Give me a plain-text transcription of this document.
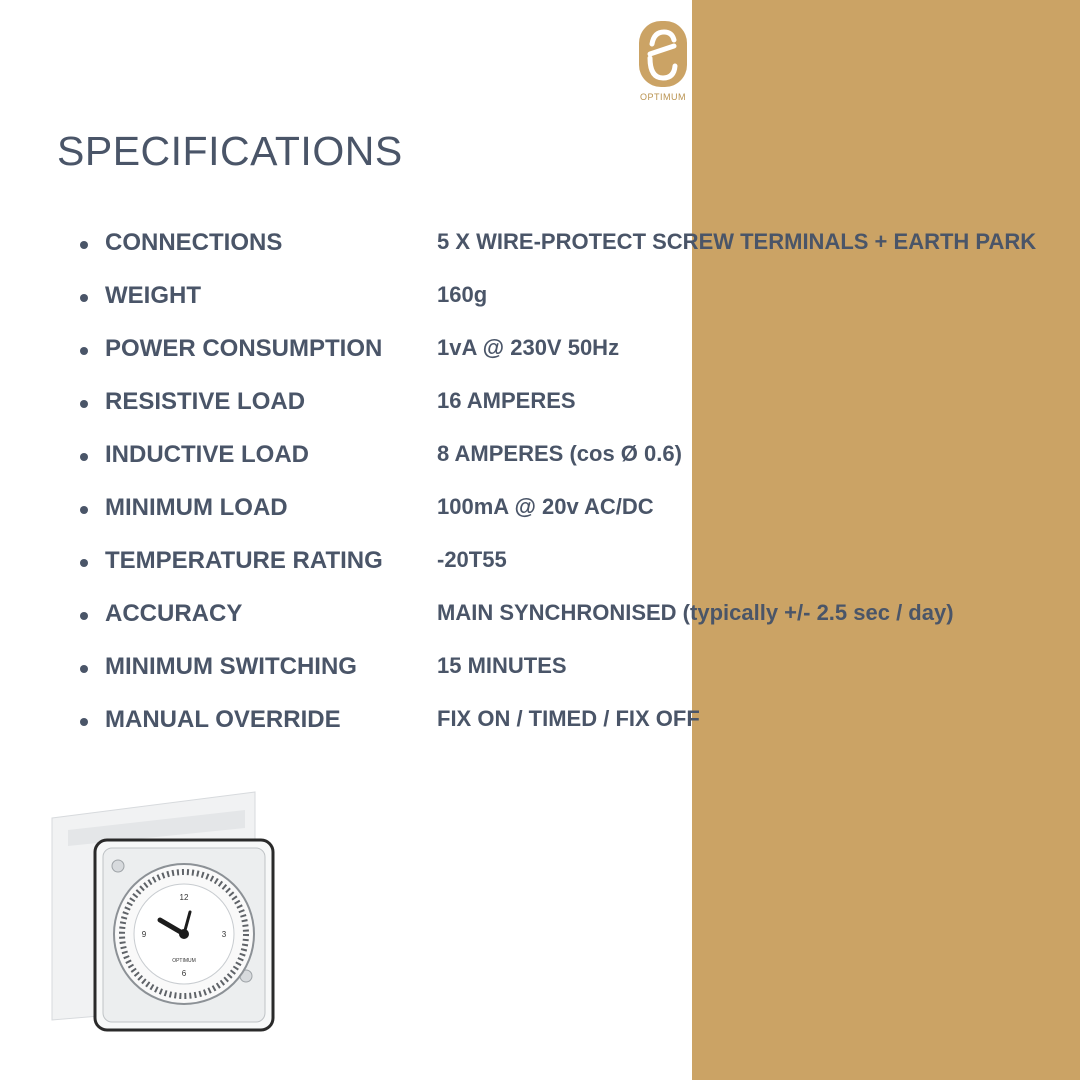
OPTIMUM
SPECIFICATIONS
CONNECTIONS	5 X WIRE-PROTECT SCREW TERMINALS + EARTH PARK
WEIGHT	160g
POWER CONSUMPTION 1vA @ 230V 50Hz
RESISTIVE LOAD	16 AMPERES
INDUCTIVE LOAD	8 AMPERES (cos Ø 0.6)
MINIMUM LOAD	100mA @ 20v AC/DC
TEMPERATURE RATING -20T55
ACCURACY	MAIN SYNCHRONISED (typically +/- 2.5 sec / day)
MINIMUM SWITCHING	15 MINUTES
MANUAL OVERRIDE	FIX ON / TIMED / FIX OFF
12
6
3
9
OPTIMUM
